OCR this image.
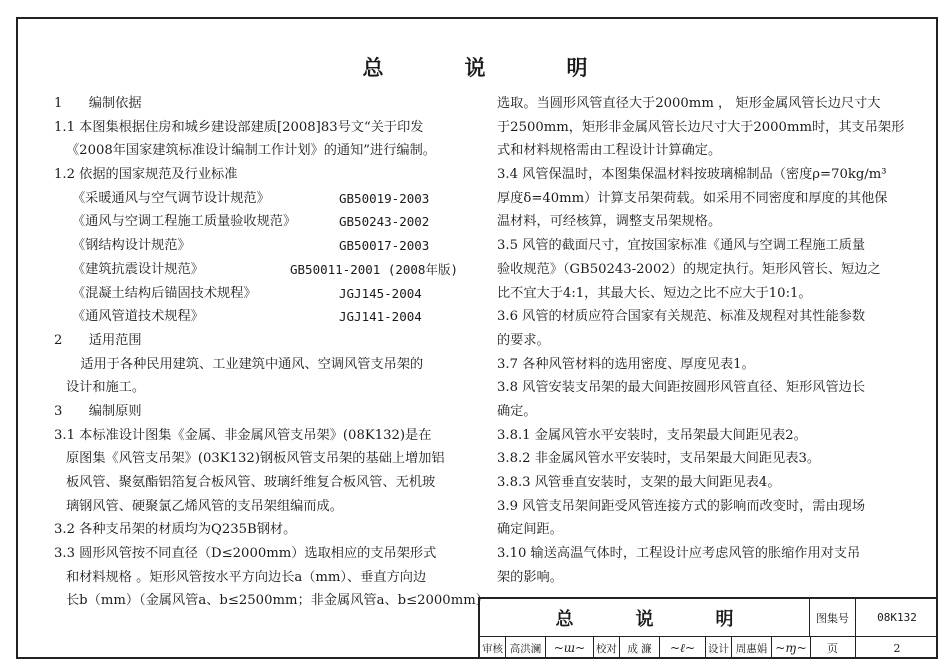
总　说　明
1　　编制依据
1.1 本图集根据住房和城乡建设部建质[2008]83号文“关于印发
《2008年国家建筑标准设计编制工作计划》的通知”进行编制。
1.2 依据的国家规范及行业标准
《采暖通风与空气调节设计规范》	GB50019-2003
《通风与空调工程施工质量验收规范》	GB50243-2002
《钢结构设计规范》	GB50017-2003
《建筑抗震设计规范》	GB50011-2001 (2008年版)
《混凝土结构后锚固技术规程》	JGJ145-2004
《通风管道技术规程》	JGJ141-2004
2　　适用范围
　　适用于各种民用建筑、工业建筑中通风、空调风管支吊架的
设计和施工。
3　　编制原则
3.1 本标准设计图集《金属、非金属风管支吊架》(08K132)是在
原图集《风管支吊架》(03K132)钢板风管支吊架的基础上增加铝
板风管、聚氨酯铝箔复合板风管、玻璃纤维复合板风管、无机玻
璃钢风管、硬聚氯乙烯风管的支吊架组编而成。
3.2 各种支吊架的材质均为Q235B钢材。
3.3 圆形风管按不同直径（D≤2000mm）选取相应的支吊架形式
和材料规格 。矩形风管按水平方向边长a（mm）、垂直方向边
长b（mm）（金属风管a、b≤2500mm；非金属风管a、b≤2000mm）
选取。当圆形风管直径大于2000mm ， 矩形金属风管长边尺寸大
于2500mm，矩形非金属风管长边尺寸大于2000mm时，其支吊架形
式和材料规格需由工程设计计算确定。
3.4 风管保温时，本图集保温材料按玻璃棉制品（密度ρ=70kg/m³
厚度δ=40mm）计算支吊架荷载。如采用不同密度和厚度的其他保
温材料，可经核算，调整支吊架规格。
3.5 风管的截面尺寸，宜按国家标准《通风与空调工程施工质量
验收规范》（GB50243-2002）的规定执行。矩形风管长、短边之
比不宜大于4:1，其最大长、短边之比不应大于10:1。
3.6 风管的材质应符合国家有关规范、标准及规程对其性能参数
的要求。
3.7 各种风管材料的选用密度、厚度见表1。
3.8 风管安装支吊架的最大间距按圆形风管直径、矩形风管边长
确定。
3.8.1 金属风管水平安装时，支吊架最大间距见表2。
3.8.2 非金属风管水平安装时，支吊架最大间距见表3。
3.8.3 风管垂直安装时，支架的最大间距见表4。
3.9 风管支吊架间距受风管连接方式的影响而改变时，需由现场
确定间距。
3.10 输送高温气体时，工程设计应考虑风管的胀缩作用对支吊
架的影响。
总　说　明	图集号	08K132
审核 高洪澜	~ɯ~	校对 成 濂	~ℓ~	设计 周惠娟 ~ɱ~	页	2
